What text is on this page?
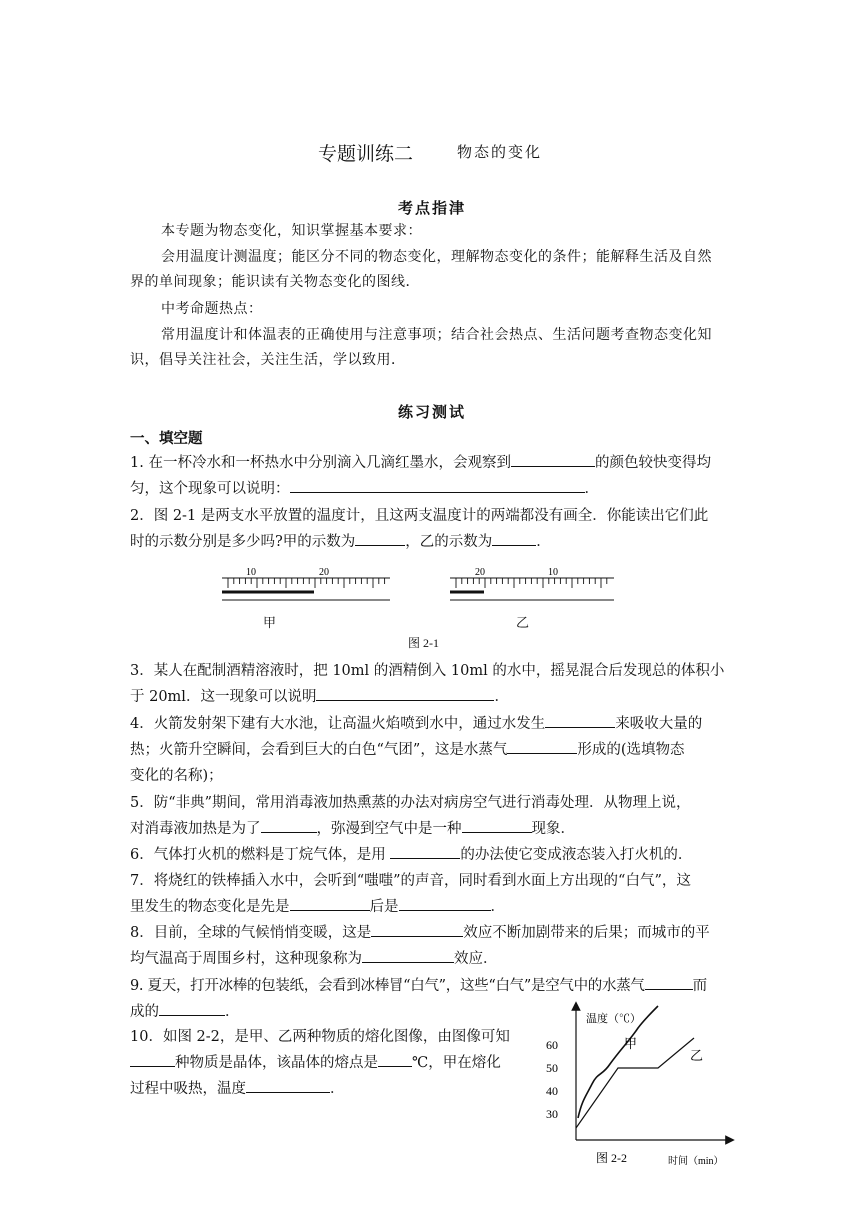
专题训练二	物态的变化
考点指津
本专题为物态变化，知识掌握基本要求：
会用温度计测温度；能区分不同的物态变化，理解物态变化的条件；能解释生活及自然
界的单间现象；能识读有关物态变化的图线．
中考命题热点：
常用温度计和体温表的正确使用与注意事项；结合社会热点、生活问题考查物态变化知
识，倡导关注社会，关注生活，学以致用．
练习测试
一、填空题
1. 在一杯冷水和一杯热水中分别滴入几滴红墨水，会观察到	的颜色较快变得均
匀，这个现象可以说明：	．
2．图 2-1 是两支水平放置的温度计，且这两支温度计的两端都没有画全．你能读出它们此
时的示数分别是多少吗?甲的示数为	，乙的示数为	．
10	20	20	10
甲	乙
图 2-1
3．某人在配制酒精溶液时，把 10ml 的酒精倒入 10ml 的水中，摇晃混合后发现总的体积小
于 20ml．这一现象可以说明	．
4．火箭发射架下建有大水池，让高温火焰喷到水中，通过水发生	来吸收大量的
热；火箭升空瞬间，会看到巨大的白色“气团”，这是水蒸气	形成的(选填物态
变化的名称)；
5．防“非典”期间，常用消毒液加热熏蒸的办法对病房空气进行消毒处理．从物理上说，
对消毒液加热是为了	，弥漫到空气中是一种	现象．
6．气体打火机的燃料是丁烷气体，是用	的办法使它变成液态装入打火机的．
7．将烧红的铁棒插入水中，会听到“嗤嗤”的声音，同时看到水面上方出现的“白气”，这
里发生的物态变化是先是	后是	．
8．目前，全球的气候悄悄变暖，这是	效应不断加剧带来的后果；而城市的平
均气温高于周围乡村，这种现象称为	效应．
9. 夏天，打开冰棒的包装纸，会看到冰棒冒“白气”，这些“白气”是空气中的水蒸气	而
成的	．
10．如图 2-2，是甲、乙两种物质的熔化图像，由图像可知
种物质是晶体，该晶体的熔点是 ℃，甲在熔化
过程中吸热，温度	．
温度（℃）
60
50
40
30
甲
乙
图 2-2	时间（min）
